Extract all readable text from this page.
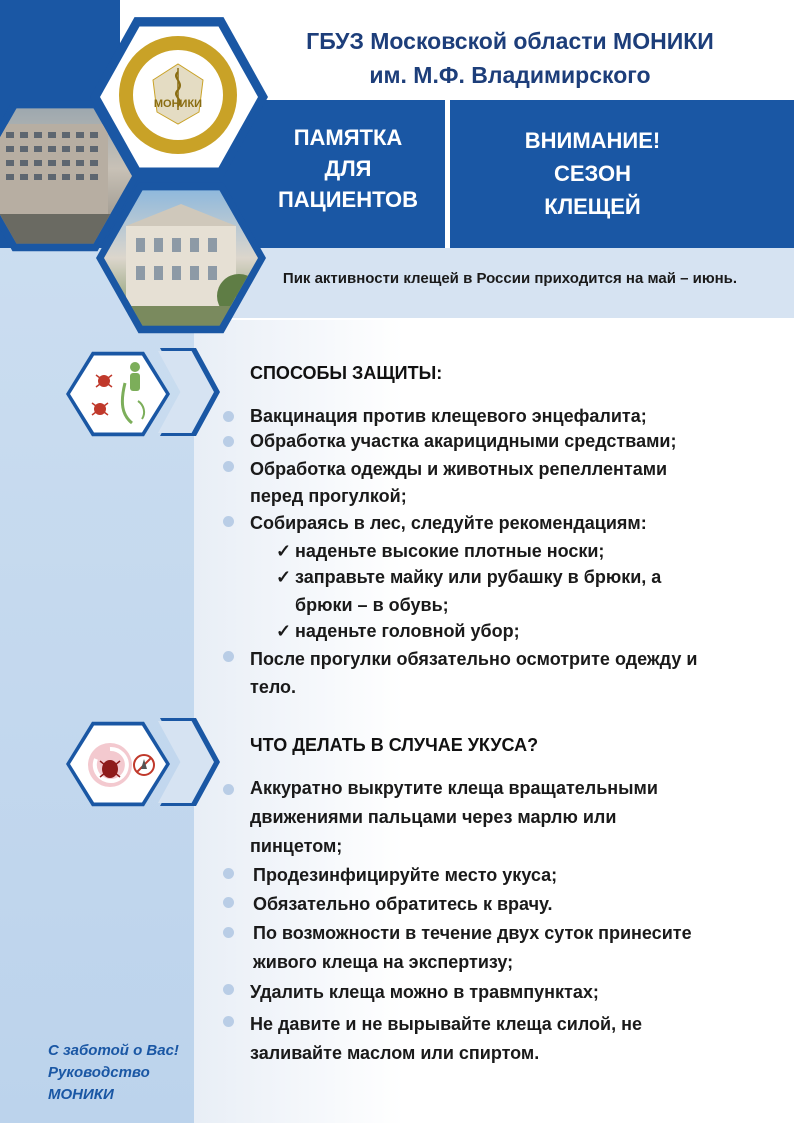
ГБУЗ Московской области МОНИКИ
им. М.Ф. Владимирского
ПАМЯТКА
ДЛЯ
ПАЦИЕНТОВ
ВНИМАНИЕ!
СЕЗОН
КЛЕЩЕЙ
Пик активности клещей в России приходится на май – июнь.
МОНИКИ
СПОСОБЫ ЗАЩИТЫ:
Вакцинация против клещевого энцефалита;
Обработка участка акарицидными средствами;
Обработка одежды и животных репеллентами
перед прогулкой;
Собираясь в лес, следуйте рекомендациям:
✓ наденьте высокие плотные носки;
✓ заправьте майку или рубашку в брюки, а
брюки – в обувь;
✓ наденьте головной убор;
После прогулки обязательно осмотрите одежду и
тело.
ЧТО ДЕЛАТЬ В СЛУЧАЕ УКУСА?
Аккуратно выкрутите клеща вращательными
движениями пальцами через марлю или
пинцетом;
Продезинфицируйте место укуса;
Обязательно обратитесь к врачу.
По возможности в течение двух суток принесите
живого клеща на экспертизу;
Удалить клеща можно в травмпунктах;
Не давите и не вырывайте клеща силой, не
заливайте маслом или спиртом.
С заботой о Вас!
Руководство
МОНИКИ
